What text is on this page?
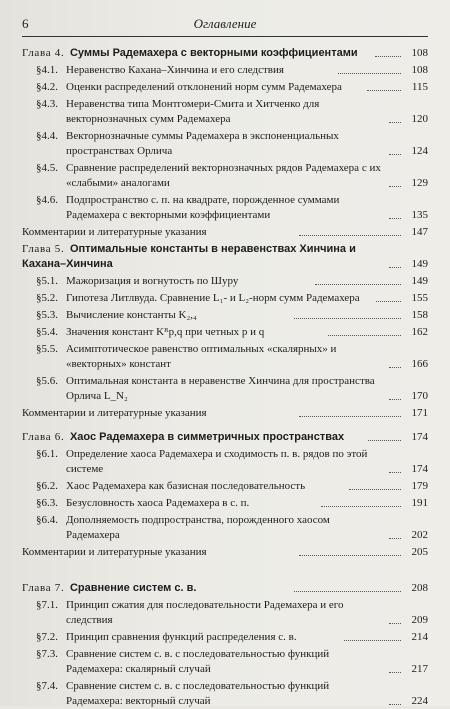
6	Оглавление
Глава 4. Суммы Радемахера с векторными коэффициентами	108
§4.1. Неравенство Кахана–Хинчина и его следствия	108
§4.2. Оценки распределений отклонений норм сумм Радемахера	115
§4.3. Неравенства типа Монтгомери-Смита и Хитченко для векторнозначных сумм Радемахера	120
§4.4. Векторнозначные суммы Радемахера в экспоненциальных пространствах Орлича	124
§4.5. Сравнение распределений векторнозначных рядов Радемахера с их «слабыми» аналогами	129
§4.6. Подпространство с. п. на квадрате, порожденное суммами Радемахера с векторными коэффициентами	135
Комментарии и литературные указания	147
Глава 5. Оптимальные константы в неравенствах Хинчина и Кахана–Хинчина	149
§5.1. Мажоризация и вогнутость по Шуру	149
§5.2. Гипотеза Литлвуда. Сравнение L₁- и L₂-норм сумм Радемахера	155
§5.3. Вычисление константы K₂,₄	158
§5.4. Значения констант Kᴿp,q при четных p и q	162
§5.5. Асимптотическое равенство оптимальных «скалярных» и «векторных» констант	166
§5.6. Оптимальная константа в неравенстве Хинчина для пространства Орлича L_N₂	170
Комментарии и литературные указания	171
Глава 6. Хаос Радемахера в симметричных пространствах	174
§6.1. Определение хаоса Радемахера и сходимость п. в. рядов по этой системе	174
§6.2. Хаос Радемахера как базисная последовательность	179
§6.3. Безусловность хаоса Радемахера в с. п.	191
§6.4. Дополняемость подпространства, порожденного хаосом Радемахера	202
Комментарии и литературные указания	205
Глава 7. Сравнение систем с. в.	208
§7.1. Принцип сжатия для последовательности Радемахера и его следствия	209
§7.2. Принцип сравнения функций распределения с. в.	214
§7.3. Сравнение систем с. в. с последовательностью функций Радемахера: скалярный случай	217
§7.4. Сравнение систем с. в. с последовательностью функций Радемахера: векторный случай	224
